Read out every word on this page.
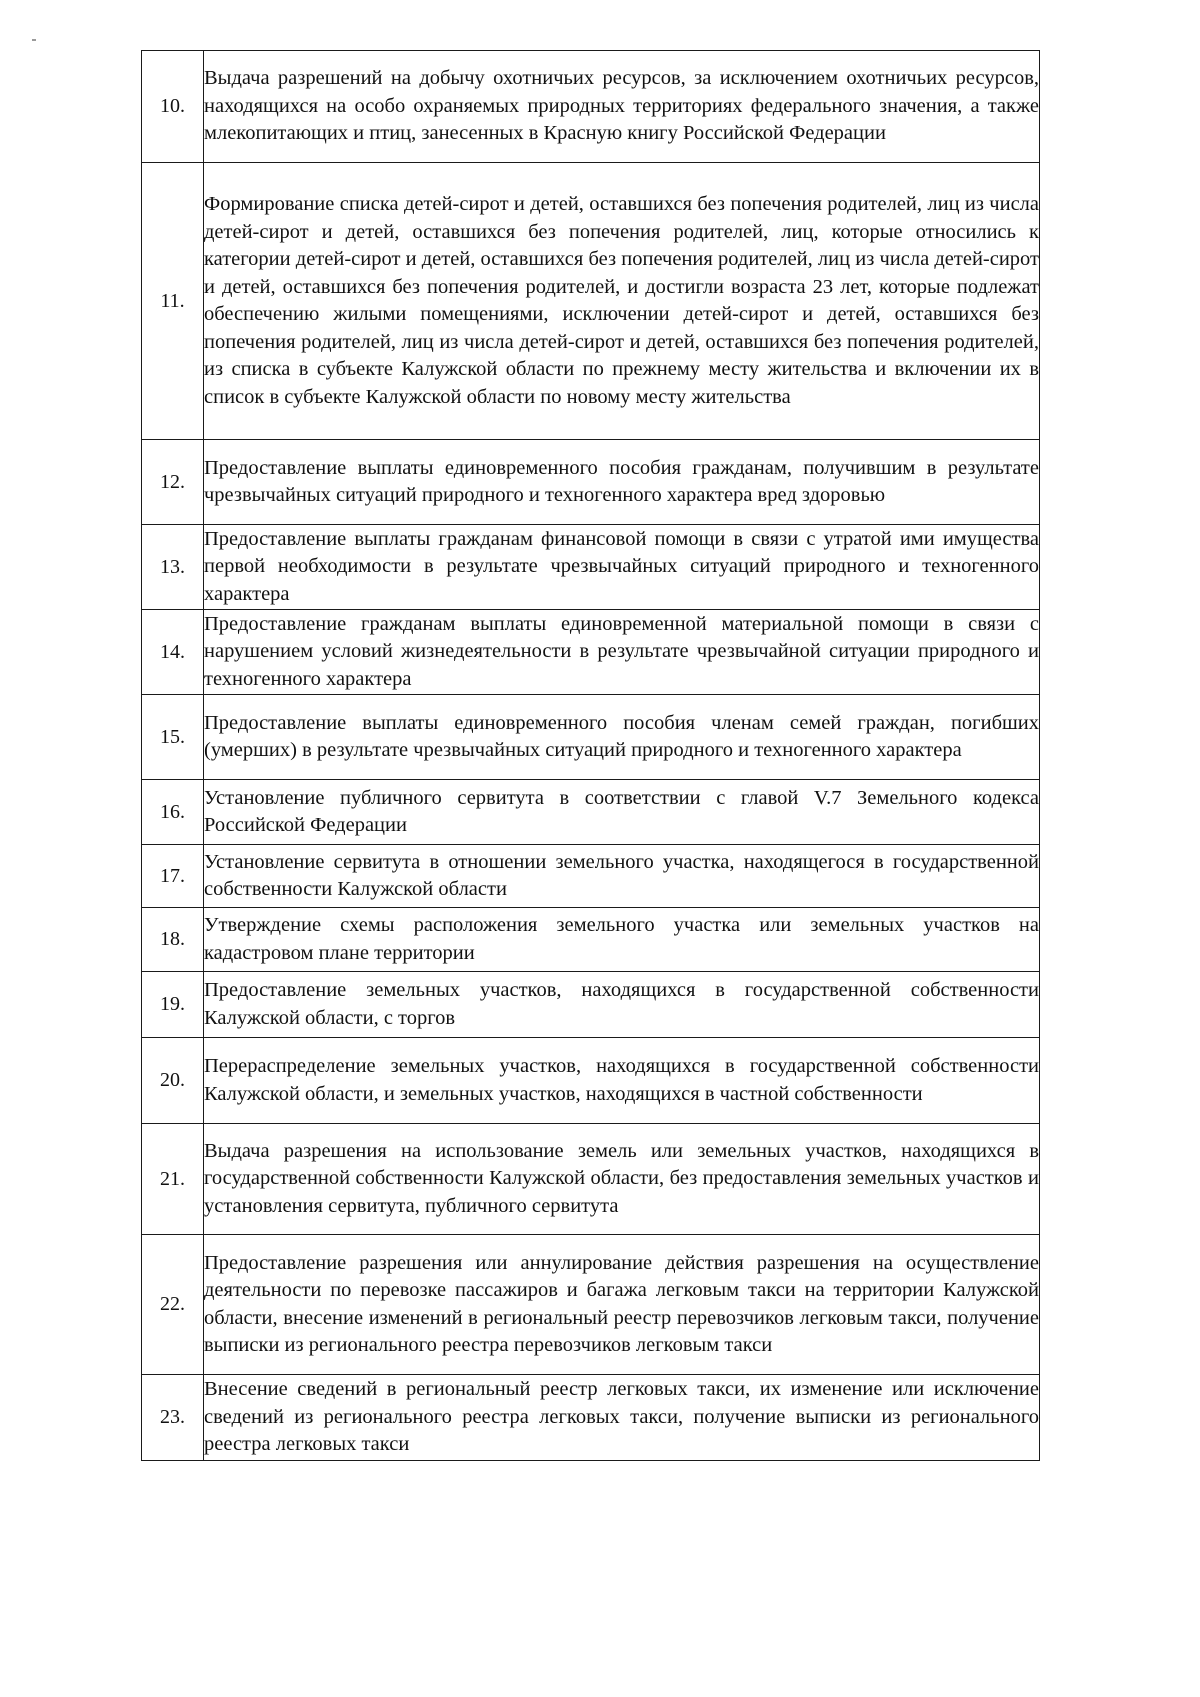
10.	Выдача разрешений на добычу охотничьих ресурсов, за исключением охотничьих ресурсов, находящихся на особо охраняемых природных территориях федерального значения, а также млекопитающих и птиц, занесенных в Красную книгу Российской Федерации
11.	Формирование списка детей-сирот и детей, оставшихся без попечения родителей, лиц из числа детей-сирот и детей, оставшихся без попечения родителей, лиц, которые относились к категории детей-сирот и детей, оставшихся без попечения родителей, лиц из числа детей-сирот и детей, оставшихся без попечения родителей, и достигли возраста 23 лет, которые подлежат обеспечению жилыми помещениями, исключении детей-сирот и детей, оставшихся без попечения родителей, лиц из числа детей-сирот и детей, оставшихся без попечения родителей, из списка в субъекте Калужской области по прежнему месту жительства и включении их в список в субъекте Калужской области по новому месту жительства
12.	Предоставление выплаты единовременного пособия гражданам, получившим в результате чрезвычайных ситуаций природного и техногенного характера вред здоровью
13.	Предоставление выплаты гражданам финансовой помощи в связи с утратой ими имущества первой необходимости в результате чрезвычайных ситуаций природного и техногенного характера
14.	Предоставление гражданам выплаты единовременной материальной помощи в связи с нарушением условий жизнедеятельности в результате чрезвычайной ситуации природного и техногенного характера
15.	Предоставление выплаты единовременного пособия членам семей граждан, погибших (умерших) в результате чрезвычайных ситуаций природного и техногенного характера
16.	Установление публичного сервитута в соответствии с главой V.7 Земельного кодекса Российской Федерации
17.	Установление сервитута в отношении земельного участка, находящегося в государственной собственности Калужской области
18.	Утверждение схемы расположения земельного участка или земельных участков на кадастровом плане территории
19.	Предоставление земельных участков, находящихся в государственной собственности Калужской области, с торгов
20.	Перераспределение земельных участков, находящихся в государственной собственности Калужской области, и земельных участков, находящихся в частной собственности
21.	Выдача разрешения на использование земель или земельных участков, находящихся в государственной собственности Калужской области, без предоставления земельных участков и установления сервитута, публичного сервитута
22.	Предоставление разрешения или аннулирование действия разрешения на осуществление деятельности по перевозке пассажиров и багажа легковым такси на территории Калужской области, внесение изменений в региональный реестр перевозчиков легковым такси, получение выписки из регионального реестра перевозчиков легковым такси
23.	Внесение сведений в региональный реестр легковых такси, их изменение или исключение сведений из регионального реестра легковых такси, получение выписки из регионального реестра легковых такси
